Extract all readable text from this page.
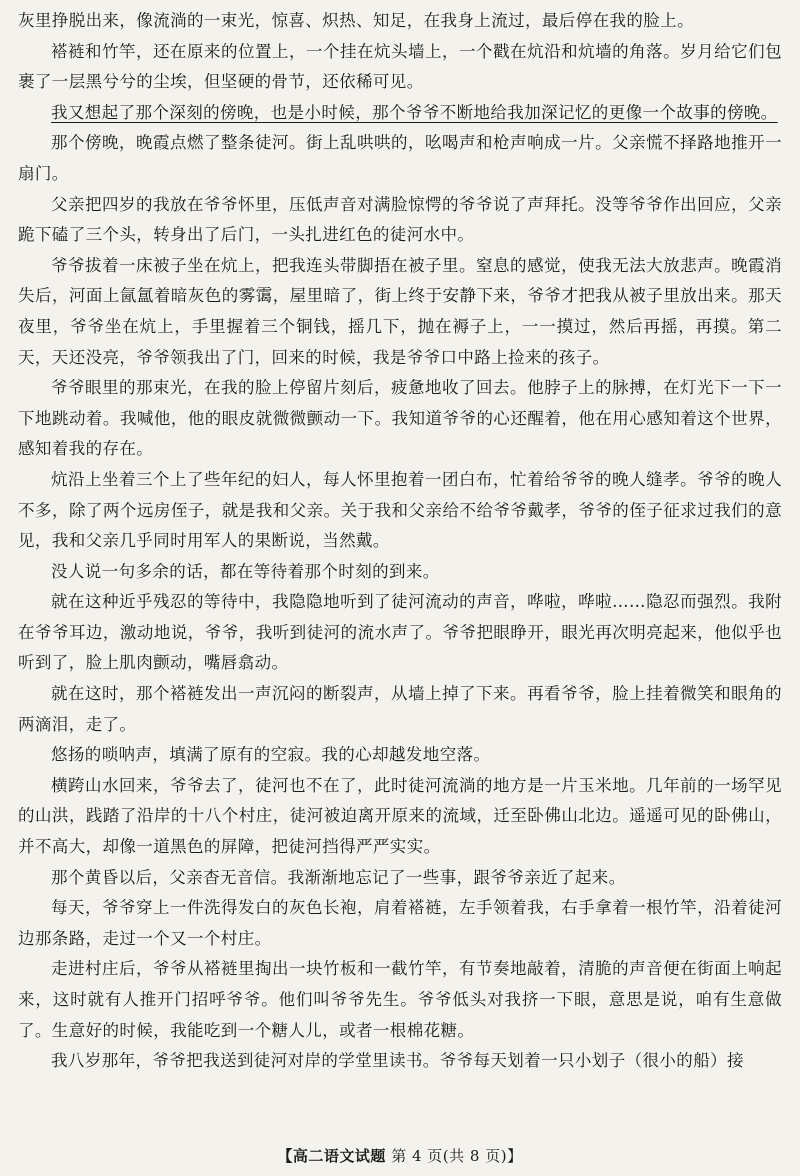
灰里挣脱出来，像流淌的一束光，惊喜、炽热、知足，在我身上流过，最后停在我的脸上。

褡裢和竹竿，还在原来的位置上，一个挂在炕头墙上，一个戳在炕沿和炕墙的角落。岁月给它们包裹了一层黑兮兮的尘埃，但坚硬的骨节，还依稀可见。

我又想起了那个深刻的傍晚，也是小时候，那个爷爷不断地给我加深记忆的更像一个故事的傍晚。

那个傍晚，晚霞点燃了整条徒河。街上乱哄哄的，吆喝声和枪声响成一片。父亲慌不择路地推开一扇门。

父亲把四岁的我放在爷爷怀里，压低声音对满脸惊愕的爷爷说了声拜托。没等爷爷作出回应，父亲跪下磕了三个头，转身出了后门，一头扎进红色的徒河水中。

爷爷拔着一床被子坐在炕上，把我连头带脚捂在被子里。窒息的感觉，使我无法大放悲声。晚霞消失后，河面上氤氲着暗灰色的雾霭，屋里暗了，街上终于安静下来，爷爷才把我从被子里放出来。那天夜里，爷爷坐在炕上，手里握着三个铜钱，摇几下，抛在褥子上，一一摸过，然后再摇，再摸。第二天，天还没亮，爷爷领我出了门，回来的时候，我是爷爷口中路上捡来的孩子。

爷爷眼里的那束光，在我的脸上停留片刻后，疲惫地收了回去。他脖子上的脉搏，在灯光下一下一下地跳动着。我喊他，他的眼皮就微微颤动一下。我知道爷爷的心还醒着，他在用心感知着这个世界，感知着我的存在。

炕沿上坐着三个上了些年纪的妇人，每人怀里抱着一团白布，忙着给爷爷的晚人缝孝。爷爷的晚人不多，除了两个远房侄子，就是我和父亲。关于我和父亲给不给爷爷戴孝，爷爷的侄子征求过我们的意见，我和父亲几乎同时用军人的果断说，当然戴。

没人说一句多余的话，都在等待着那个时刻的到来。

就在这种近乎残忍的等待中，我隐隐地听到了徒河流动的声音，哗啦，哗啦……隐忍而强烈。我附在爷爷耳边，激动地说，爷爷，我听到徒河的流水声了。爷爷把眼睁开，眼光再次明亮起来，他似乎也听到了，脸上肌肉颤动，嘴唇翕动。

就在这时，那个褡裢发出一声沉闷的断裂声，从墙上掉了下来。再看爷爷，脸上挂着微笑和眼角的两滴泪，走了。

悠扬的唢呐声，填满了原有的空寂。我的心却越发地空落。

横跨山水回来，爷爷去了，徒河也不在了，此时徒河流淌的地方是一片玉米地。几年前的一场罕见的山洪，践踏了沿岸的十八个村庄，徒河被迫离开原来的流域，迁至卧佛山北边。遥遥可见的卧佛山，并不高大，却像一道黑色的屏障，把徒河挡得严严实实。

那个黄昏以后，父亲杳无音信。我渐渐地忘记了一些事，跟爷爷亲近了起来。

每天，爷爷穿上一件洗得发白的灰色长袍，肩着褡裢，左手领着我，右手拿着一根竹竿，沿着徒河边那条路，走过一个又一个村庄。

走进村庄后，爷爷从褡裢里掏出一块竹板和一截竹竿，有节奏地敲着，清脆的声音便在街面上响起来，这时就有人推开门招呼爷爷。他们叫爷爷先生。爷爷低头对我挤一下眼，意思是说，咱有生意做了。生意好的时候，我能吃到一个糖人儿，或者一根棉花糖。

我八岁那年，爷爷把我送到徒河对岸的学堂里读书。爷爷每天划着一只小划子（很小的船）接

【高二语文试题 第 4 页(共 8 页)】
